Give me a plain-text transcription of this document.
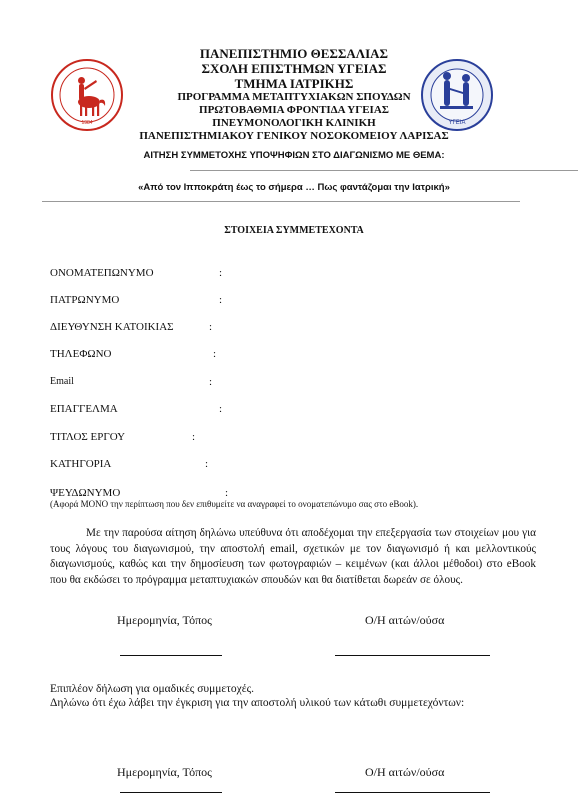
1984	ΥΓΕΙΑ
ΠΑΝΕΠΙΣΤΗΜΙΟ ΘΕΣΣΑΛΙΑΣ
ΣΧΟΛΗ ΕΠΙΣΤΗΜΩΝ ΥΓΕΙΑΣ
ΤΜΗΜΑ ΙΑΤΡΙΚΗΣ
ΠΡΟΓΡΑΜΜΑ ΜΕΤΑΠΤΥΧΙΑΚΩΝ ΣΠΟΥΔΩΝ
ΠΡΩΤΟΒΑΘΜΙΑ ΦΡΟΝΤΙΔΑ ΥΓΕΙΑΣ
ΠΝΕΥΜΟΝΟΛΟΓΙΚΗ ΚΛΙΝΙΚΗ
ΠΑΝΕΠΙΣΤΗΜΙΑΚΟΥ ΓΕΝΙΚΟΥ ΝΟΣΟΚΟΜΕΙΟΥ ΛΑΡΙΣΑΣ
ΑΙΤΗΣΗ ΣΥΜΜΕΤΟΧΗΣ ΥΠΟΨΗΦΙΩΝ ΣΤΟ ΔΙΑΓΩΝΙΣΜΟ ΜΕ ΘΕΜΑ:
«Από τον Ιπποκράτη έως το σήμερα … Πως φαντάζομαι την Ιατρική»
ΣΤΟΙΧΕΙΑ ΣΥΜΜΕΤΕΧΟΝΤΑ
ΟΝΟΜΑΤΕΠΩΝΥΜΟ	:
ΠΑΤΡΩΝΥΜΟ	:
ΔΙΕΥΘΥΝΣΗ ΚΑΤΟΙΚΙΑΣ	:
ΤΗΛΕΦΩΝΟ	:
Email	:
ΕΠΑΓΓΕΛΜΑ	:
ΤΙΤΛΟΣ ΕΡΓΟΥ	:
ΚΑΤΗΓΟΡΙΑ	:
ΨΕΥΔΩΝΥΜΟ	:
(Αφορά ΜΟΝΟ την περίπτωση που δεν επιθυμείτε να αναγραφεί το ονοματεπώνυμο σας στο eBook).

Με την παρούσα αίτηση δηλώνω υπεύθυνα ότι αποδέχομαι την επεξεργασία των στοιχείων μου για τους λόγους του διαγωνισμού, την αποστολή email, σχετικών με τον διαγωνισμό ή και μελλοντικούς διαγωνισμούς, καθώς και την δημοσίευση των φωτογραφιών – κειμένων (και άλλοι μέθοδοι) στο eBook που θα εκδώσει το πρόγραμμα μεταπτυχιακών σπουδών και θα διατίθεται δωρεάν σε όλους.

Ημερομηνία, Τόπος	Ο/Η αιτών/ούσα
Επιπλέον δήλωση για ομαδικές συμμετοχές.
Δηλώνω ότι έχω λάβει την έγκριση για την αποστολή υλικού των κάτωθι συμμετεχόντων:
Ημερομηνία, Τόπος	Ο/Η αιτών/ούσα
